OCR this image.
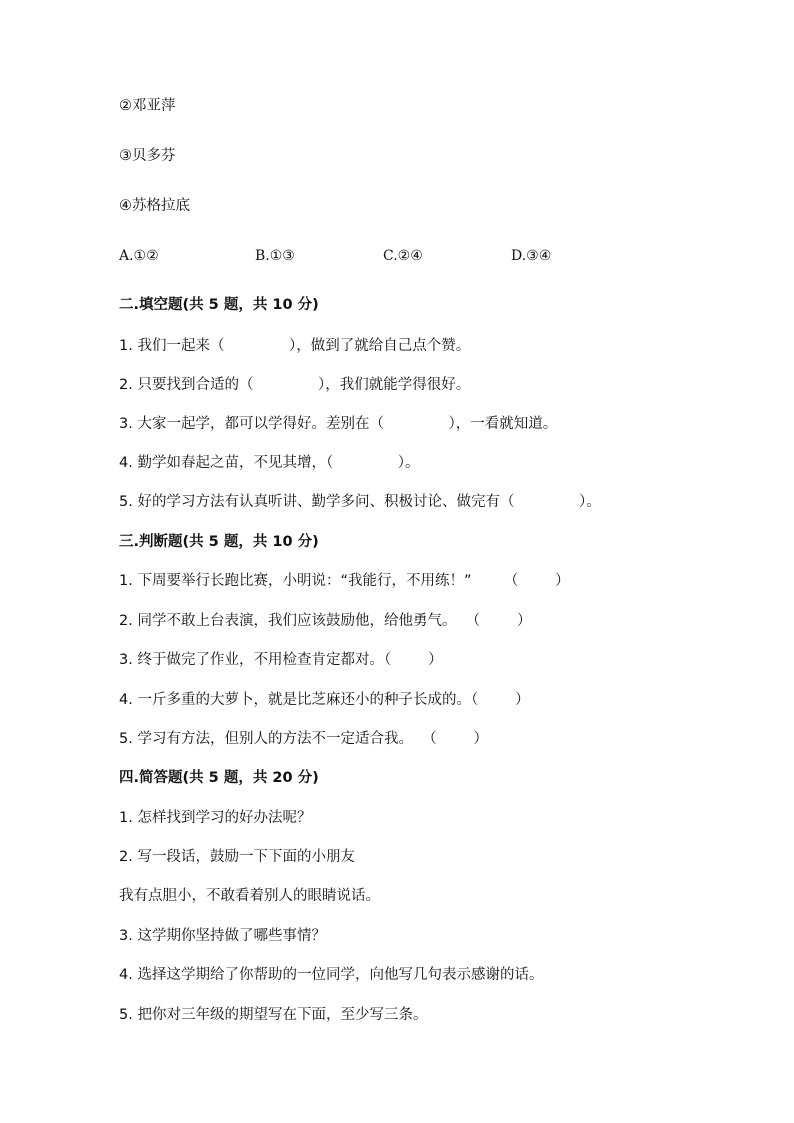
②邓亚萍

③贝多芬

④苏格拉底

A.①②	B.①③	C.②④	D.③④

二.填空题(共 5 题，共 10 分)

1. 我们一起来（              ），做到了就给自己点个赞。

2. 只要找到合适的（              ），我们就能学得很好。

3. 大家一起学，都可以学得好。差别在（              ），一看就知道。

4. 勤学如春起之苗，不见其增，（              ）。

5. 好的学习方法有认真听讲、勤学多问、积极讨论、做完有（              ）。

三.判断题(共 5 题，共 10 分)

1. 下周要举行长跑比赛，小明说：“我能行，不用练！”       （        ）

2. 同学不敢上台表演，我们应该鼓励他，给他勇气。  （        ）

3. 终于做完了作业，不用检查肯定都对。（        ）

4. 一斤多重的大萝卜，就是比芝麻还小的种子长成的。（        ）

5. 学习有方法，但别人的方法不一定适合我。  （        ）

四.简答题(共 5 题，共 20 分)

1. 怎样找到学习的好办法呢？

2. 写一段话，鼓励一下下面的小朋友

我有点胆小，不敢看着别人的眼睛说话。

3. 这学期你坚持做了哪些事情？

4. 选择这学期给了你帮助的一位同学，向他写几句表示感谢的话。

5. 把你对三年级的期望写在下面，至少写三条。
